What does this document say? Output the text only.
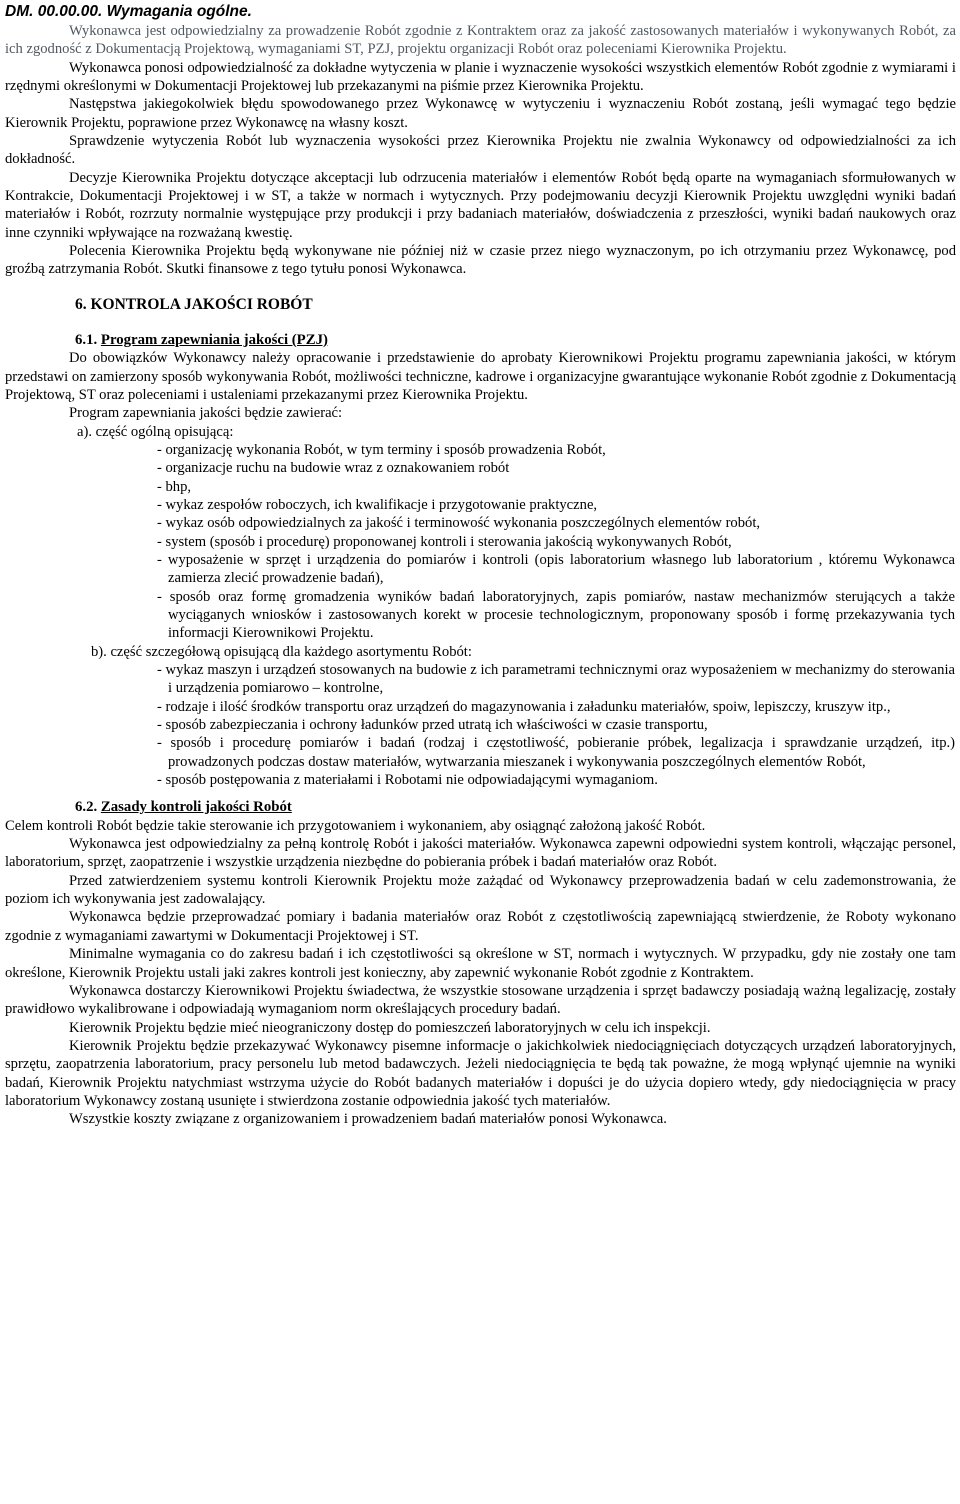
DM. 00.00.00. Wymagania ogólne.

Wykonawca jest odpowiedzialny za prowadzenie Robót zgodnie z Kontraktem oraz za jakość zastosowanych materiałów i wykonywanych Robót, za ich zgodność z Dokumentacją Projektową, wymaganiami ST, PZJ, projektu organizacji Robót oraz poleceniami Kierownika Projektu.

Wykonawca ponosi odpowiedzialność za dokładne wytyczenia w planie i wyznaczenie wysokości wszystkich elementów Robót zgodnie z wymiarami i rzędnymi określonymi w Dokumentacji Projektowej lub przekazanymi na piśmie przez Kierownika Projektu.

Następstwa jakiegokolwiek błędu spowodowanego przez Wykonawcę w wytyczeniu i wyznaczeniu Robót zostaną, jeśli wymagać tego będzie Kierownik Projektu, poprawione przez Wykonawcę na własny koszt.

Sprawdzenie wytyczenia Robót lub wyznaczenia wysokości przez Kierownika Projektu nie zwalnia Wykonawcy od odpowiedzialności za ich dokładność.

Decyzje Kierownika Projektu dotyczące akceptacji lub odrzucenia materiałów i elementów Robót będą oparte na wymaganiach sformułowanych w Kontrakcie, Dokumentacji Projektowej i w ST, a także w normach i wytycznych. Przy podejmowaniu decyzji Kierownik Projektu uwzględni wyniki badań materiałów i Robót, rozrzuty normalnie występujące przy produkcji i przy badaniach materiałów, doświadczenia z przeszłości, wyniki badań naukowych oraz inne czynniki wpływające na rozważaną kwestię.

Polecenia Kierownika Projektu będą wykonywane nie później niż w czasie przez niego wyznaczonym, po ich otrzymaniu przez Wykonawcę, pod groźbą zatrzymania Robót. Skutki finansowe z tego tytułu ponosi Wykonawca.

6. KONTROLA JAKOŚCI ROBÓT
6.1. Program zapewniania jakości (PZJ)

Do obowiązków Wykonawcy należy opracowanie i przedstawienie do aprobaty Kierownikowi Projektu programu zapewniania jakości, w którym przedstawi on zamierzony sposób wykonywania Robót, możliwości techniczne, kadrowe i organizacyjne gwarantujące wykonanie Robót zgodnie z Dokumentacją Projektową, ST oraz poleceniami i ustaleniami przekazanymi przez Kierownika Projektu.

Program zapewniania jakości będzie zawierać:

a). część ogólną opisującą:
- organizację wykonania Robót, w tym terminy i sposób prowadzenia Robót,
- organizacje ruchu na budowie wraz z oznakowaniem robót
- bhp,
- wykaz zespołów roboczych, ich kwalifikacje i przygotowanie praktyczne,
- wykaz osób odpowiedzialnych za jakość i terminowość wykonania poszczególnych elementów robót,
- system (sposób i procedurę) proponowanej kontroli i sterowania jakością wykonywanych Robót,
- wyposażenie w sprzęt i urządzenia do pomiarów i kontroli (opis laboratorium własnego lub laboratorium , któremu Wykonawca zamierza zlecić prowadzenie badań),
- sposób oraz formę gromadzenia wyników badań laboratoryjnych, zapis pomiarów, nastaw mechanizmów sterujących a także wyciąganych wniosków i zastosowanych korekt w procesie technologicznym, proponowany sposób i formę przekazywania tych informacji Kierownikowi Projektu.
b). część szczegółową opisującą dla każdego asortymentu Robót:
- wykaz maszyn i urządzeń stosowanych na budowie z ich parametrami technicznymi oraz wyposażeniem w mechanizmy do sterowania i urządzenia pomiarowo – kontrolne,
- rodzaje i ilość środków transportu oraz urządzeń do magazynowania i załadunku materiałów, spoiw, lepiszczy, kruszyw itp.,
- sposób zabezpieczania i ochrony ładunków przed utratą ich właściwości w czasie transportu,
- sposób i procedurę pomiarów i badań (rodzaj i częstotliwość, pobieranie próbek, legalizacja i sprawdzanie urządzeń, itp.) prowadzonych podczas dostaw materiałów, wytwarzania mieszanek i wykonywania poszczególnych elementów Robót,
- sposób postępowania z materiałami i Robotami nie odpowiadającymi wymaganiom.
6.2. Zasady kontroli jakości Robót

Celem kontroli Robót będzie takie sterowanie ich przygotowaniem i wykonaniem, aby osiągnąć założoną jakość Robót.

Wykonawca jest odpowiedzialny za pełną kontrolę Robót i jakości materiałów. Wykonawca zapewni odpowiedni system kontroli, włączając personel, laboratorium, sprzęt, zaopatrzenie i wszystkie urządzenia niezbędne do pobierania próbek i badań materiałów oraz Robót.

Przed zatwierdzeniem systemu kontroli Kierownik Projektu może zażądać od Wykonawcy przeprowadzenia badań w celu zademonstrowania, że poziom ich wykonywania jest zadowalający.

Wykonawca będzie przeprowadzać pomiary i badania materiałów oraz Robót z częstotliwością zapewniającą stwierdzenie, że Roboty wykonano zgodnie z wymaganiami zawartymi w Dokumentacji Projektowej i ST.

Minimalne wymagania co do zakresu badań i ich częstotliwości są określone w ST, normach i wytycznych. W przypadku, gdy nie zostały one tam określone, Kierownik Projektu ustali jaki zakres kontroli jest konieczny, aby zapewnić wykonanie Robót zgodnie z Kontraktem.

Wykonawca dostarczy Kierownikowi Projektu świadectwa, że wszystkie stosowane urządzenia i sprzęt badawczy posiadają ważną legalizację, zostały prawidłowo wykalibrowane i odpowiadają wymaganiom norm określających procedury badań.

Kierownik Projektu będzie mieć nieograniczony dostęp do pomieszczeń laboratoryjnych w celu ich inspekcji.

Kierownik Projektu będzie przekazywać Wykonawcy pisemne informacje o jakichkolwiek niedociągnięciach dotyczących urządzeń laboratoryjnych, sprzętu, zaopatrzenia laboratorium, pracy personelu lub metod badawczych. Jeżeli niedociągnięcia te będą tak poważne, że mogą wpłynąć ujemnie na wyniki badań, Kierownik Projektu natychmiast wstrzyma użycie do Robót badanych materiałów i dopuści je do użycia dopiero wtedy, gdy niedociągnięcia w pracy laboratorium Wykonawcy zostaną usunięte i stwierdzona zostanie odpowiednia jakość tych materiałów.

Wszystkie koszty związane z organizowaniem i prowadzeniem badań materiałów ponosi Wykonawca.
